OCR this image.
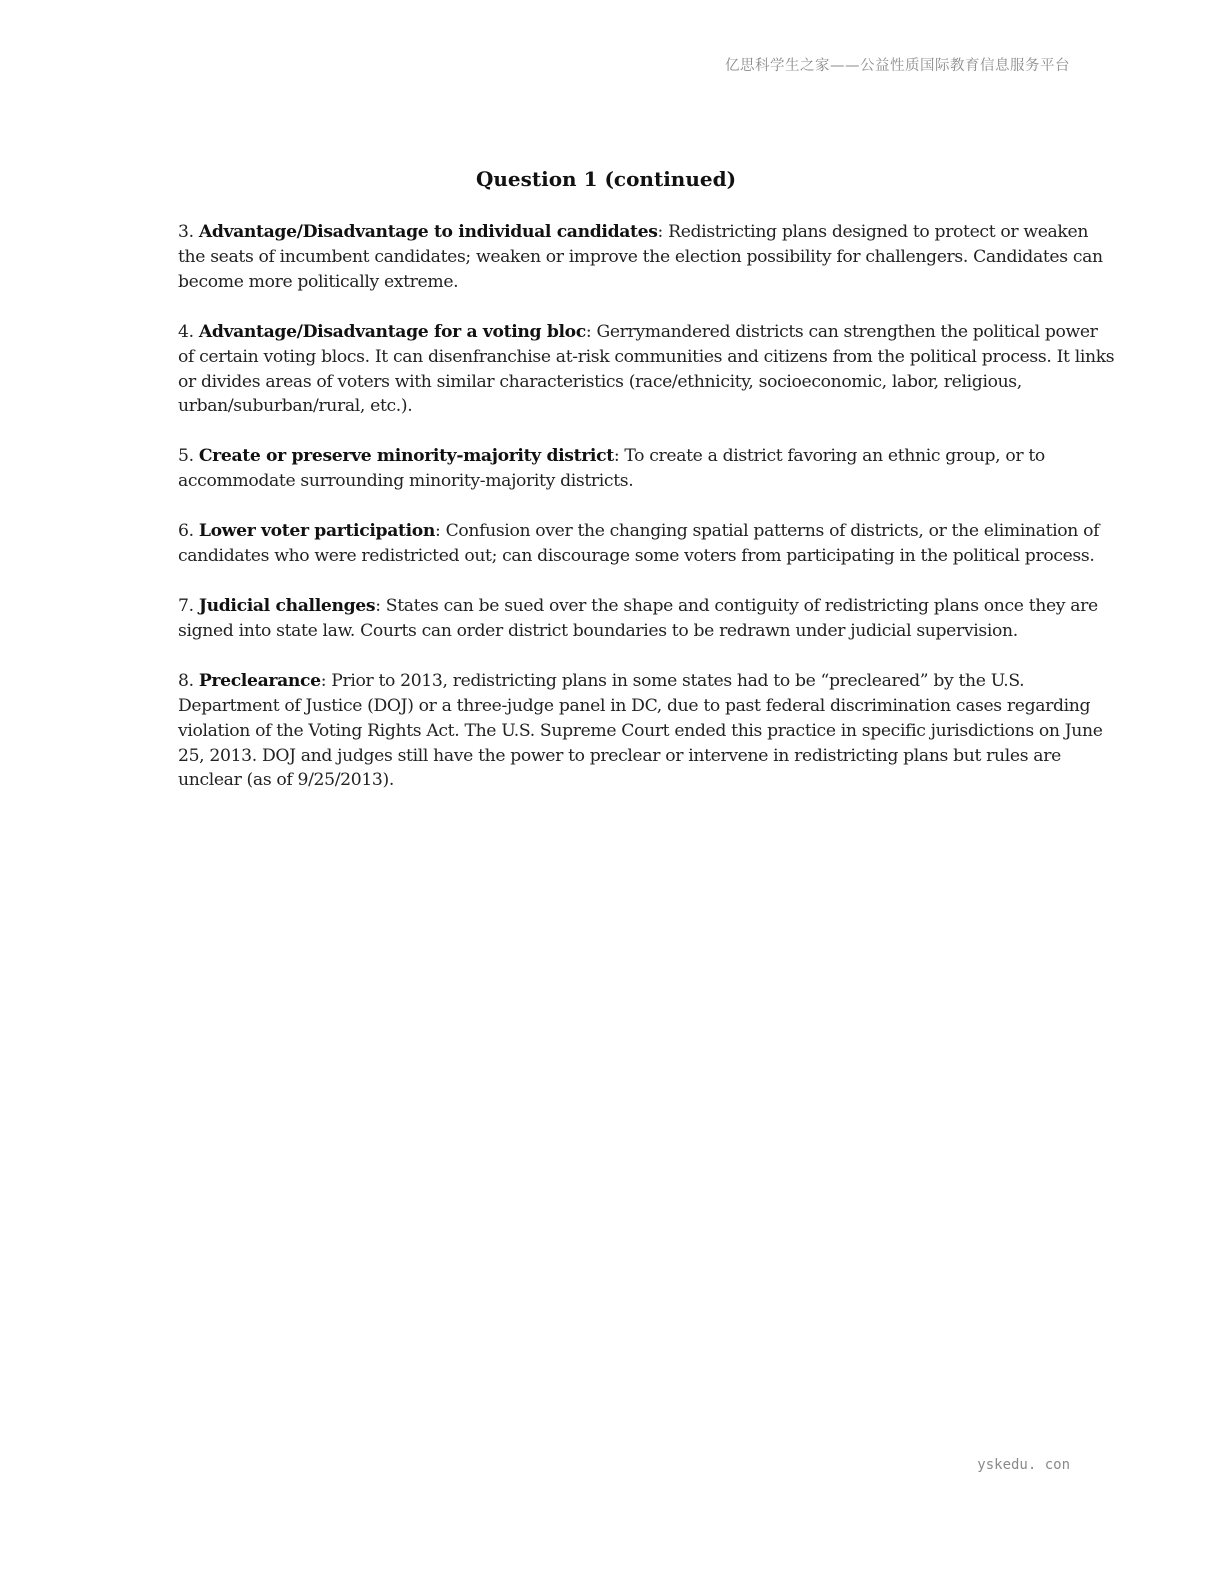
亿思科学生之家——公益性质国际教育信息服务平台
Question 1 (continued)

3. Advantage/Disadvantage to individual candidates: Redistricting plans designed to protect or weaken the seats of incumbent candidates; weaken or improve the election possibility for challengers. Candidates can become more politically extreme.

4. Advantage/Disadvantage for a voting bloc: Gerrymandered districts can strengthen the political power of certain voting blocs. It can disenfranchise at-risk communities and citizens from the political process. It links or divides areas of voters with similar characteristics (race/ethnicity, socioeconomic, labor, religious, urban/suburban/rural, etc.).

5. Create or preserve minority-majority district: To create a district favoring an ethnic group, or to accommodate surrounding minority-majority districts.

6. Lower voter participation: Confusion over the changing spatial patterns of districts, or the elimination of candidates who were redistricted out; can discourage some voters from participating in the political process.

7. Judicial challenges: States can be sued over the shape and contiguity of redistricting plans once they are signed into state law. Courts can order district boundaries to be redrawn under judicial supervision.

8. Preclearance: Prior to 2013, redistricting plans in some states had to be “precleared” by the U.S. Department of Justice (DOJ) or a three-judge panel in DC, due to past federal discrimination cases regarding violation of the Voting Rights Act. The U.S. Supreme Court ended this practice in specific jurisdictions on June 25, 2013. DOJ and judges still have the power to preclear or intervene in redistricting plans but rules are unclear (as of 9/25/2013).

yskedu. con
